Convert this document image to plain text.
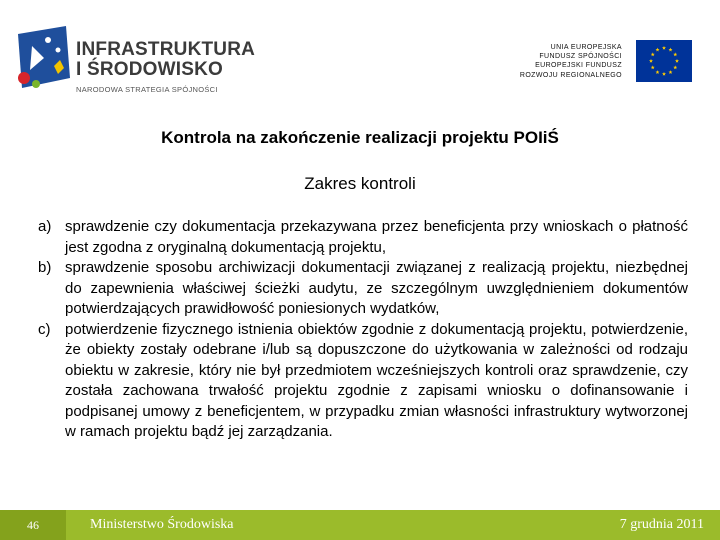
INFRASTRUKTURA
I ŚRODOWISKO
NARODOWA STRATEGIA SPÓJNOŚCI
UNIA EUROPEJSKA
FUNDUSZ SPÓJNOŚCI
EUROPEJSKI FUNDUSZ
ROZWOJU REGIONALNEGO
Kontrola na zakończenie realizacji projektu POIiŚ
Zakres kontroli
a) sprawdzenie czy dokumentacja przekazywana przez beneficjenta przy wnioskach o płatność jest zgodna z oryginalną dokumentacją projektu,
b) sprawdzenie sposobu archiwizacji dokumentacji związanej z realizacją projektu, niezbędnej do zapewnienia właściwej ścieżki audytu, ze szczególnym uwzględnieniem dokumentów potwierdzających prawidłowość poniesionych wydatków,
c) potwierdzenie fizycznego istnienia obiektów zgodnie z dokumentacją projektu, potwierdzenie, że obiekty zostały odebrane i/lub są dopuszczone do użytkowania w zależności od rodzaju obiektu w zakresie, który nie był przedmiotem wcześniejszych kontroli oraz sprawdzenie, czy została zachowana trwałość projektu zgodnie z zapisami wniosku o dofinansowanie i podpisanej umowy z beneficjentem, w przypadku zmian własności infrastruktury wytworzonej w ramach projektu bądź jej zarządzania.
46	Ministerstwo Środowiska	7 grudnia 2011
